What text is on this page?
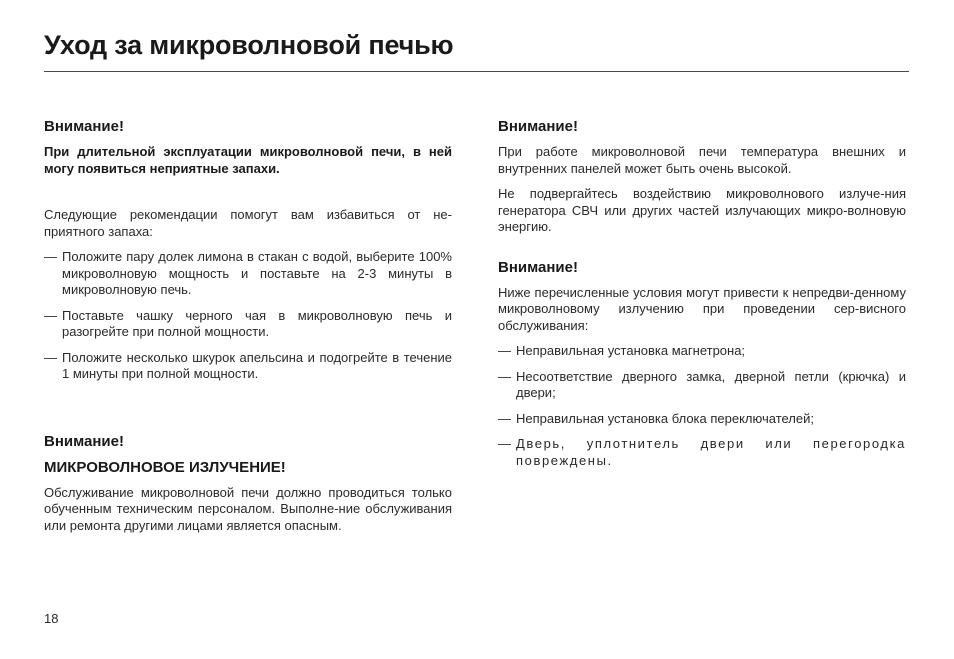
Уход за микроволновой печью
Внимание!

При длительной эксплуатации микроволновой печи, в ней могу появиться неприятные запахи.

Следующие рекомендации помогут вам избавиться от не-приятного запаха:

— Положите пару долек лимона в стакан с водой, выберите 100% микроволновую мощность и поставьте на 2-3 минуты в микроволновую печь.
— Поставьте чашку черного чая в микроволновую печь и разогрейте при полной мощности.
— Положите несколько шкурок апельсина и подогрейте в течение 1 минуты при полной мощности.
Внимание!
МИКРОВОЛНОВОЕ ИЗЛУЧЕНИЕ!

Обслуживание микроволновой печи должно проводиться только обученным техническим персоналом. Выполне-ние обслуживания или ремонта другими лицами является опасным.

Внимание!

При работе микроволновой печи температура внешних и внутренних панелей может быть очень высокой.

Не подвергайтесь воздействию микроволнового излуче-ния генератора СВЧ или других частей излучающих микро-волновую энергию.

Внимание!

Ниже перечисленные условия могут привести к непредви-денному микроволновому излучению при проведении сер-висного обслуживания:

— Неправильная установка магнетрона;
— Несоответствие дверного замка, дверной петли (крючка) и двери;
— Неправильная установка блока переключателей;
— Дверь, уплотнитель двери или перегородка повреждены.
18
